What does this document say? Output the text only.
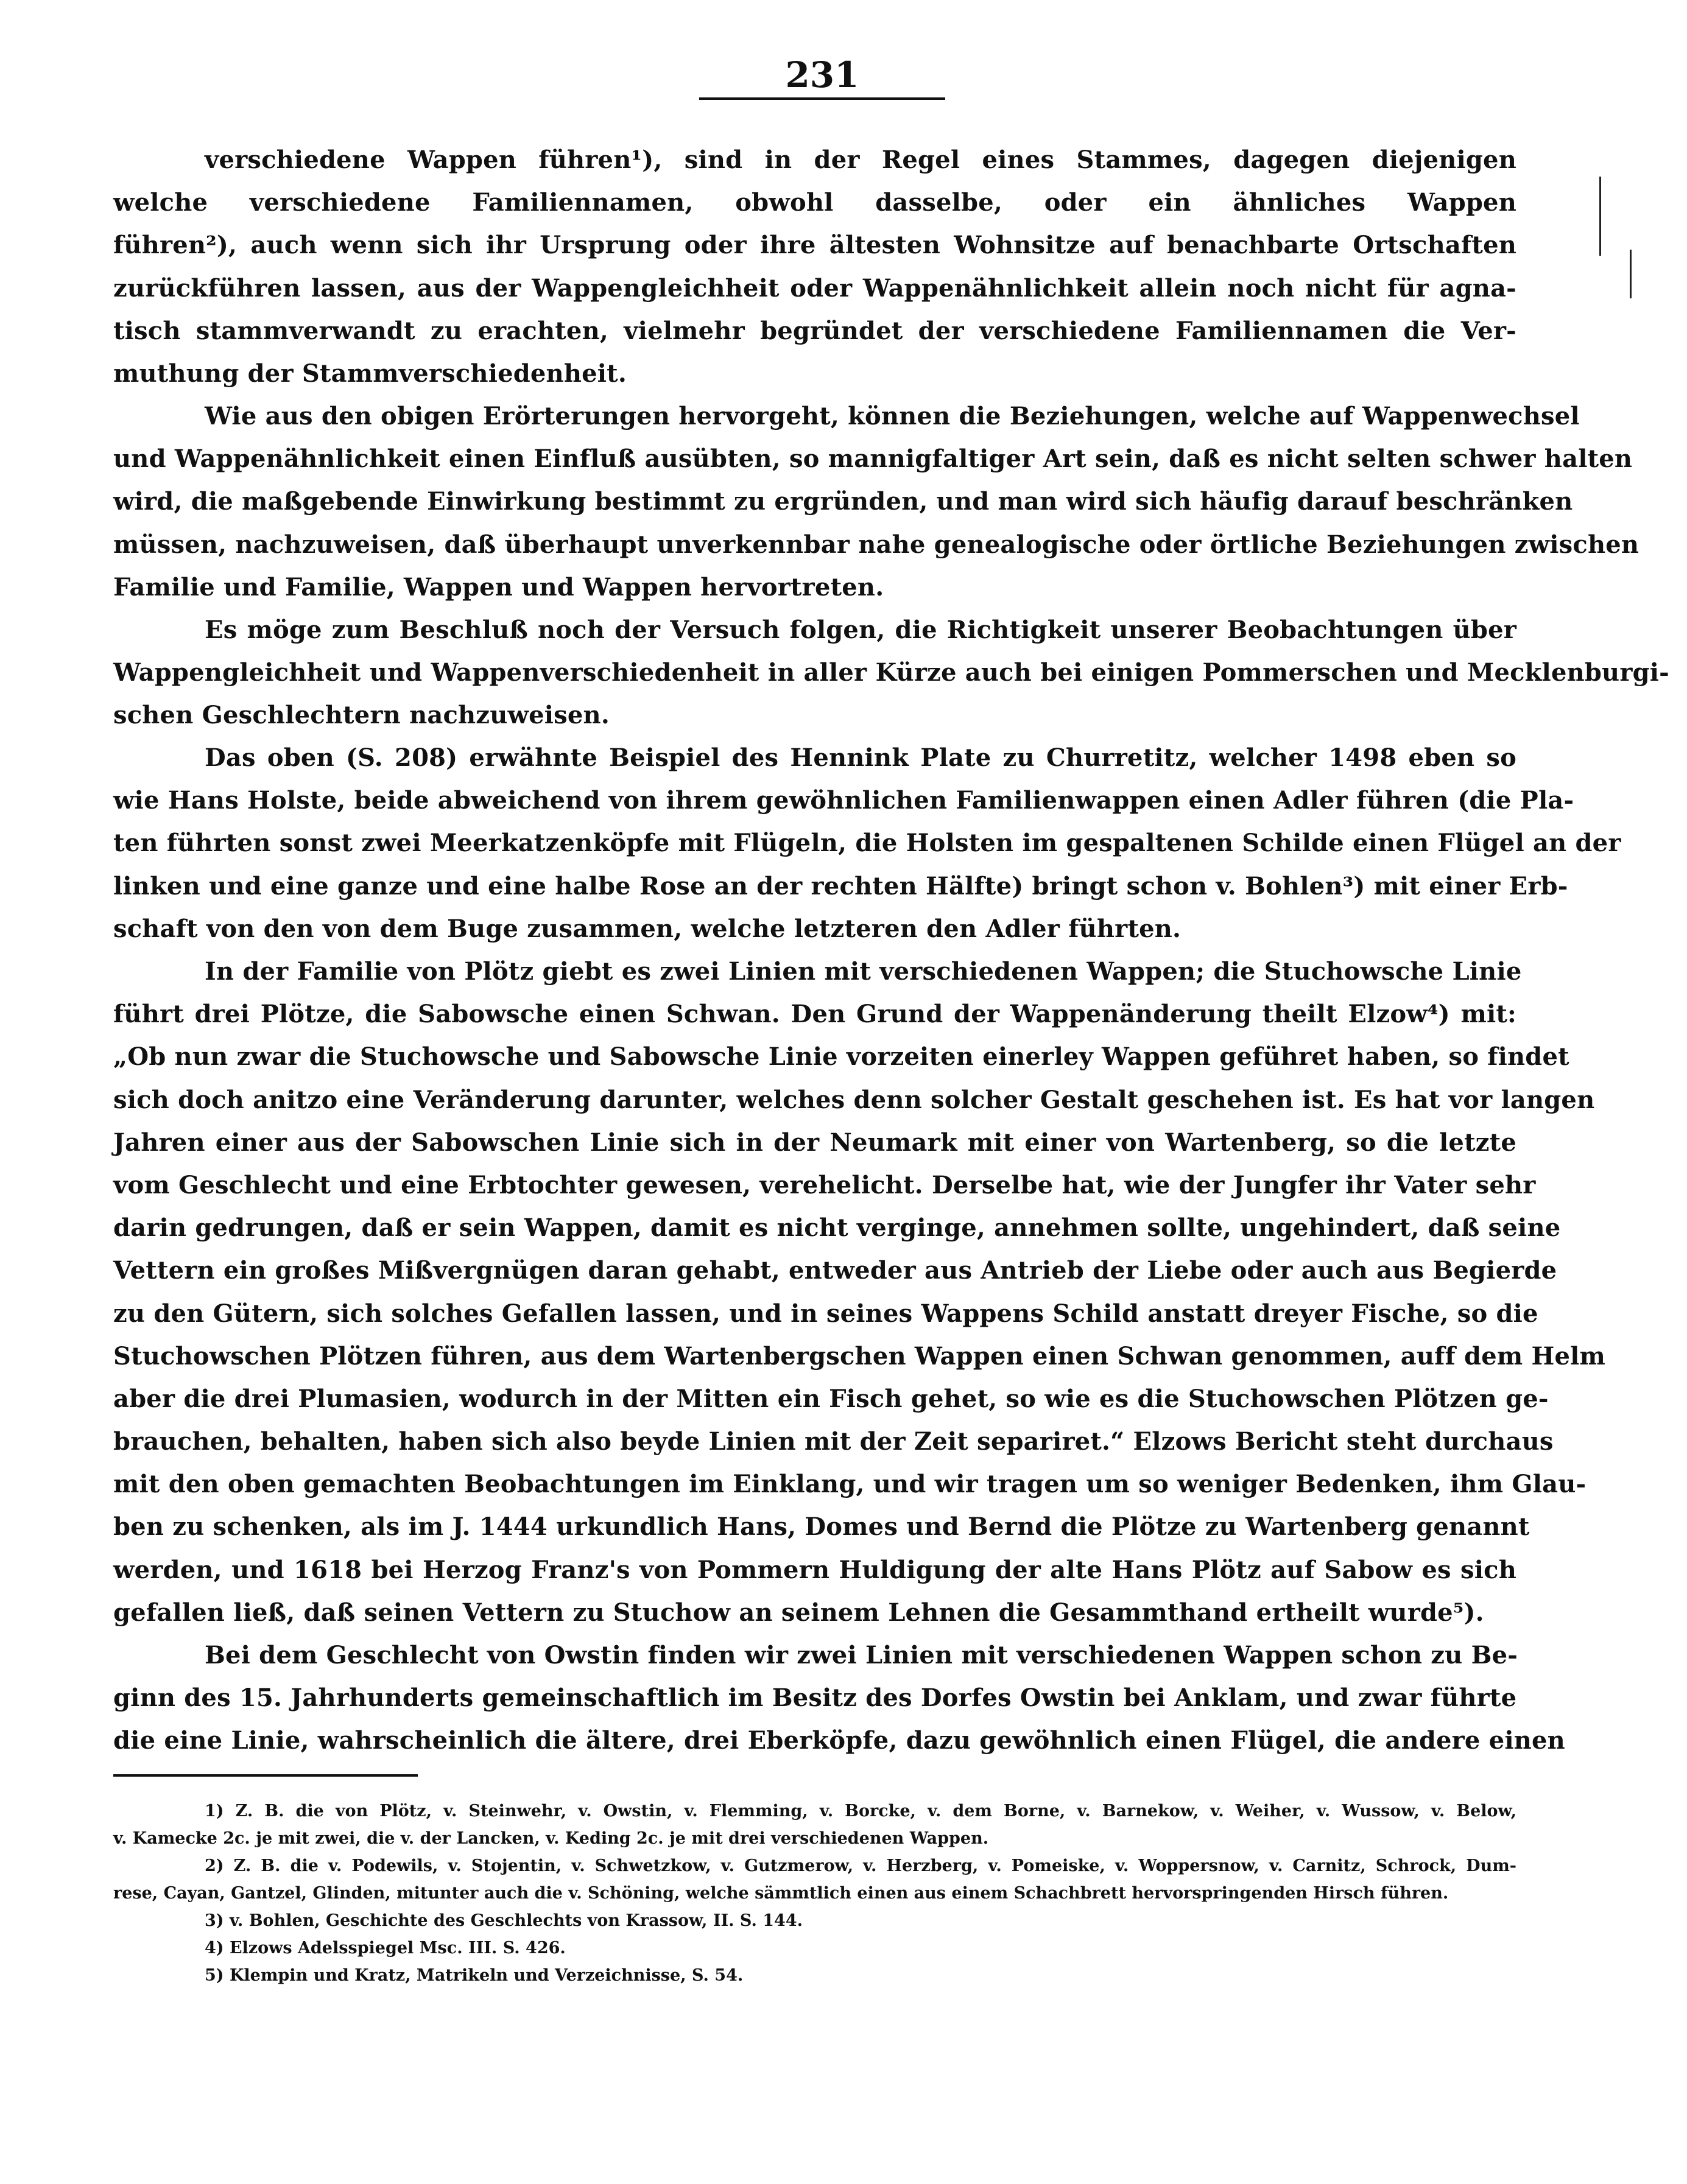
231
verschiedene Wappen führen¹), sind in der Regel eines Stammes, dagegen diejenigen
welche verschiedene Familiennamen, obwohl dasselbe, oder ein ähnliches Wappen
führen²), auch wenn sich ihr Ursprung oder ihre ältesten Wohnsitze auf benachbarte Ortschaften
zurückführen lassen, aus der Wappengleichheit oder Wappenähnlichkeit allein noch nicht für agna-
tisch stammverwandt zu erachten, vielmehr begründet der verschiedene Familiennamen die Ver-
muthung der Stammverschiedenheit.
Wie aus den obigen Erörterungen hervorgeht, können die Beziehungen, welche auf Wappenwechsel
und Wappenähnlichkeit einen Einfluß ausübten, so mannigfaltiger Art sein, daß es nicht selten schwer halten
wird, die maßgebende Einwirkung bestimmt zu ergründen, und man wird sich häufig darauf beschränken
müssen, nachzuweisen, daß überhaupt unverkennbar nahe genealogische oder örtliche Beziehungen zwischen
Familie und Familie, Wappen und Wappen hervortreten.
Es möge zum Beschluß noch der Versuch folgen, die Richtigkeit unserer Beobachtungen über
Wappengleichheit und Wappenverschiedenheit in aller Kürze auch bei einigen Pommerschen und Mecklenburgi-
schen Geschlechtern nachzuweisen.
Das oben (S. 208) erwähnte Beispiel des Hennink Plate zu Churretitz, welcher 1498 eben so
wie Hans Holste, beide abweichend von ihrem gewöhnlichen Familienwappen einen Adler führen (die Pla-
ten führten sonst zwei Meerkatzenköpfe mit Flügeln, die Holsten im gespaltenen Schilde einen Flügel an der
linken und eine ganze und eine halbe Rose an der rechten Hälfte) bringt schon v. Bohlen³) mit einer Erb-
schaft von den von dem Buge zusammen, welche letzteren den Adler führten.
In der Familie von Plötz giebt es zwei Linien mit verschiedenen Wappen; die Stuchowsche Linie
führt drei Plötze, die Sabowsche einen Schwan. Den Grund der Wappenänderung theilt Elzow⁴) mit:
„Ob nun zwar die Stuchowsche und Sabowsche Linie vorzeiten einerley Wappen geführet haben, so findet
sich doch anitzo eine Veränderung darunter, welches denn solcher Gestalt geschehen ist. Es hat vor langen
Jahren einer aus der Sabowschen Linie sich in der Neumark mit einer von Wartenberg, so die letzte
vom Geschlecht und eine Erbtochter gewesen, verehelicht. Derselbe hat, wie der Jungfer ihr Vater sehr
darin gedrungen, daß er sein Wappen, damit es nicht verginge, annehmen sollte, ungehindert, daß seine
Vettern ein großes Mißvergnügen daran gehabt, entweder aus Antrieb der Liebe oder auch aus Begierde
zu den Gütern, sich solches Gefallen lassen, und in seines Wappens Schild anstatt dreyer Fische, so die
Stuchowschen Plötzen führen, aus dem Wartenbergschen Wappen einen Schwan genommen, auff dem Helm
aber die drei Plumasien, wodurch in der Mitten ein Fisch gehet, so wie es die Stuchowschen Plötzen ge-
brauchen, behalten, haben sich also beyde Linien mit der Zeit separiret.“ Elzows Bericht steht durchaus
mit den oben gemachten Beobachtungen im Einklang, und wir tragen um so weniger Bedenken, ihm Glau-
ben zu schenken, als im J. 1444 urkundlich Hans, Domes und Bernd die Plötze zu Wartenberg genannt
werden, und 1618 bei Herzog Franz's von Pommern Huldigung der alte Hans Plötz auf Sabow es sich
gefallen ließ, daß seinen Vettern zu Stuchow an seinem Lehnen die Gesammthand ertheilt wurde⁵).
Bei dem Geschlecht von Owstin finden wir zwei Linien mit verschiedenen Wappen schon zu Be-
ginn des 15. Jahrhunderts gemeinschaftlich im Besitz des Dorfes Owstin bei Anklam, und zwar führte
die eine Linie, wahrscheinlich die ältere, drei Eberköpfe, dazu gewöhnlich einen Flügel, die andere einen
1) Z. B. die von Plötz, v. Steinwehr, v. Owstin, v. Flemming, v. Borcke, v. dem Borne, v. Barnekow, v. Weiher, v. Wussow, v. Below,
v. Kamecke 2c. je mit zwei, die v. der Lancken, v. Keding 2c. je mit drei verschiedenen Wappen.
2) Z. B. die v. Podewils, v. Stojentin, v. Schwetzkow, v. Gutzmerow, v. Herzberg, v. Pomeiske, v. Woppersnow, v. Carnitz, Schrock, Dum-
rese, Cayan, Gantzel, Glinden, mitunter auch die v. Schöning, welche sämmtlich einen aus einem Schachbrett hervorspringenden Hirsch führen.
3) v. Bohlen, Geschichte des Geschlechts von Krassow, II. S. 144.
4) Elzows Adelsspiegel Msc. III. S. 426.
5) Klempin und Kratz, Matrikeln und Verzeichnisse, S. 54.
